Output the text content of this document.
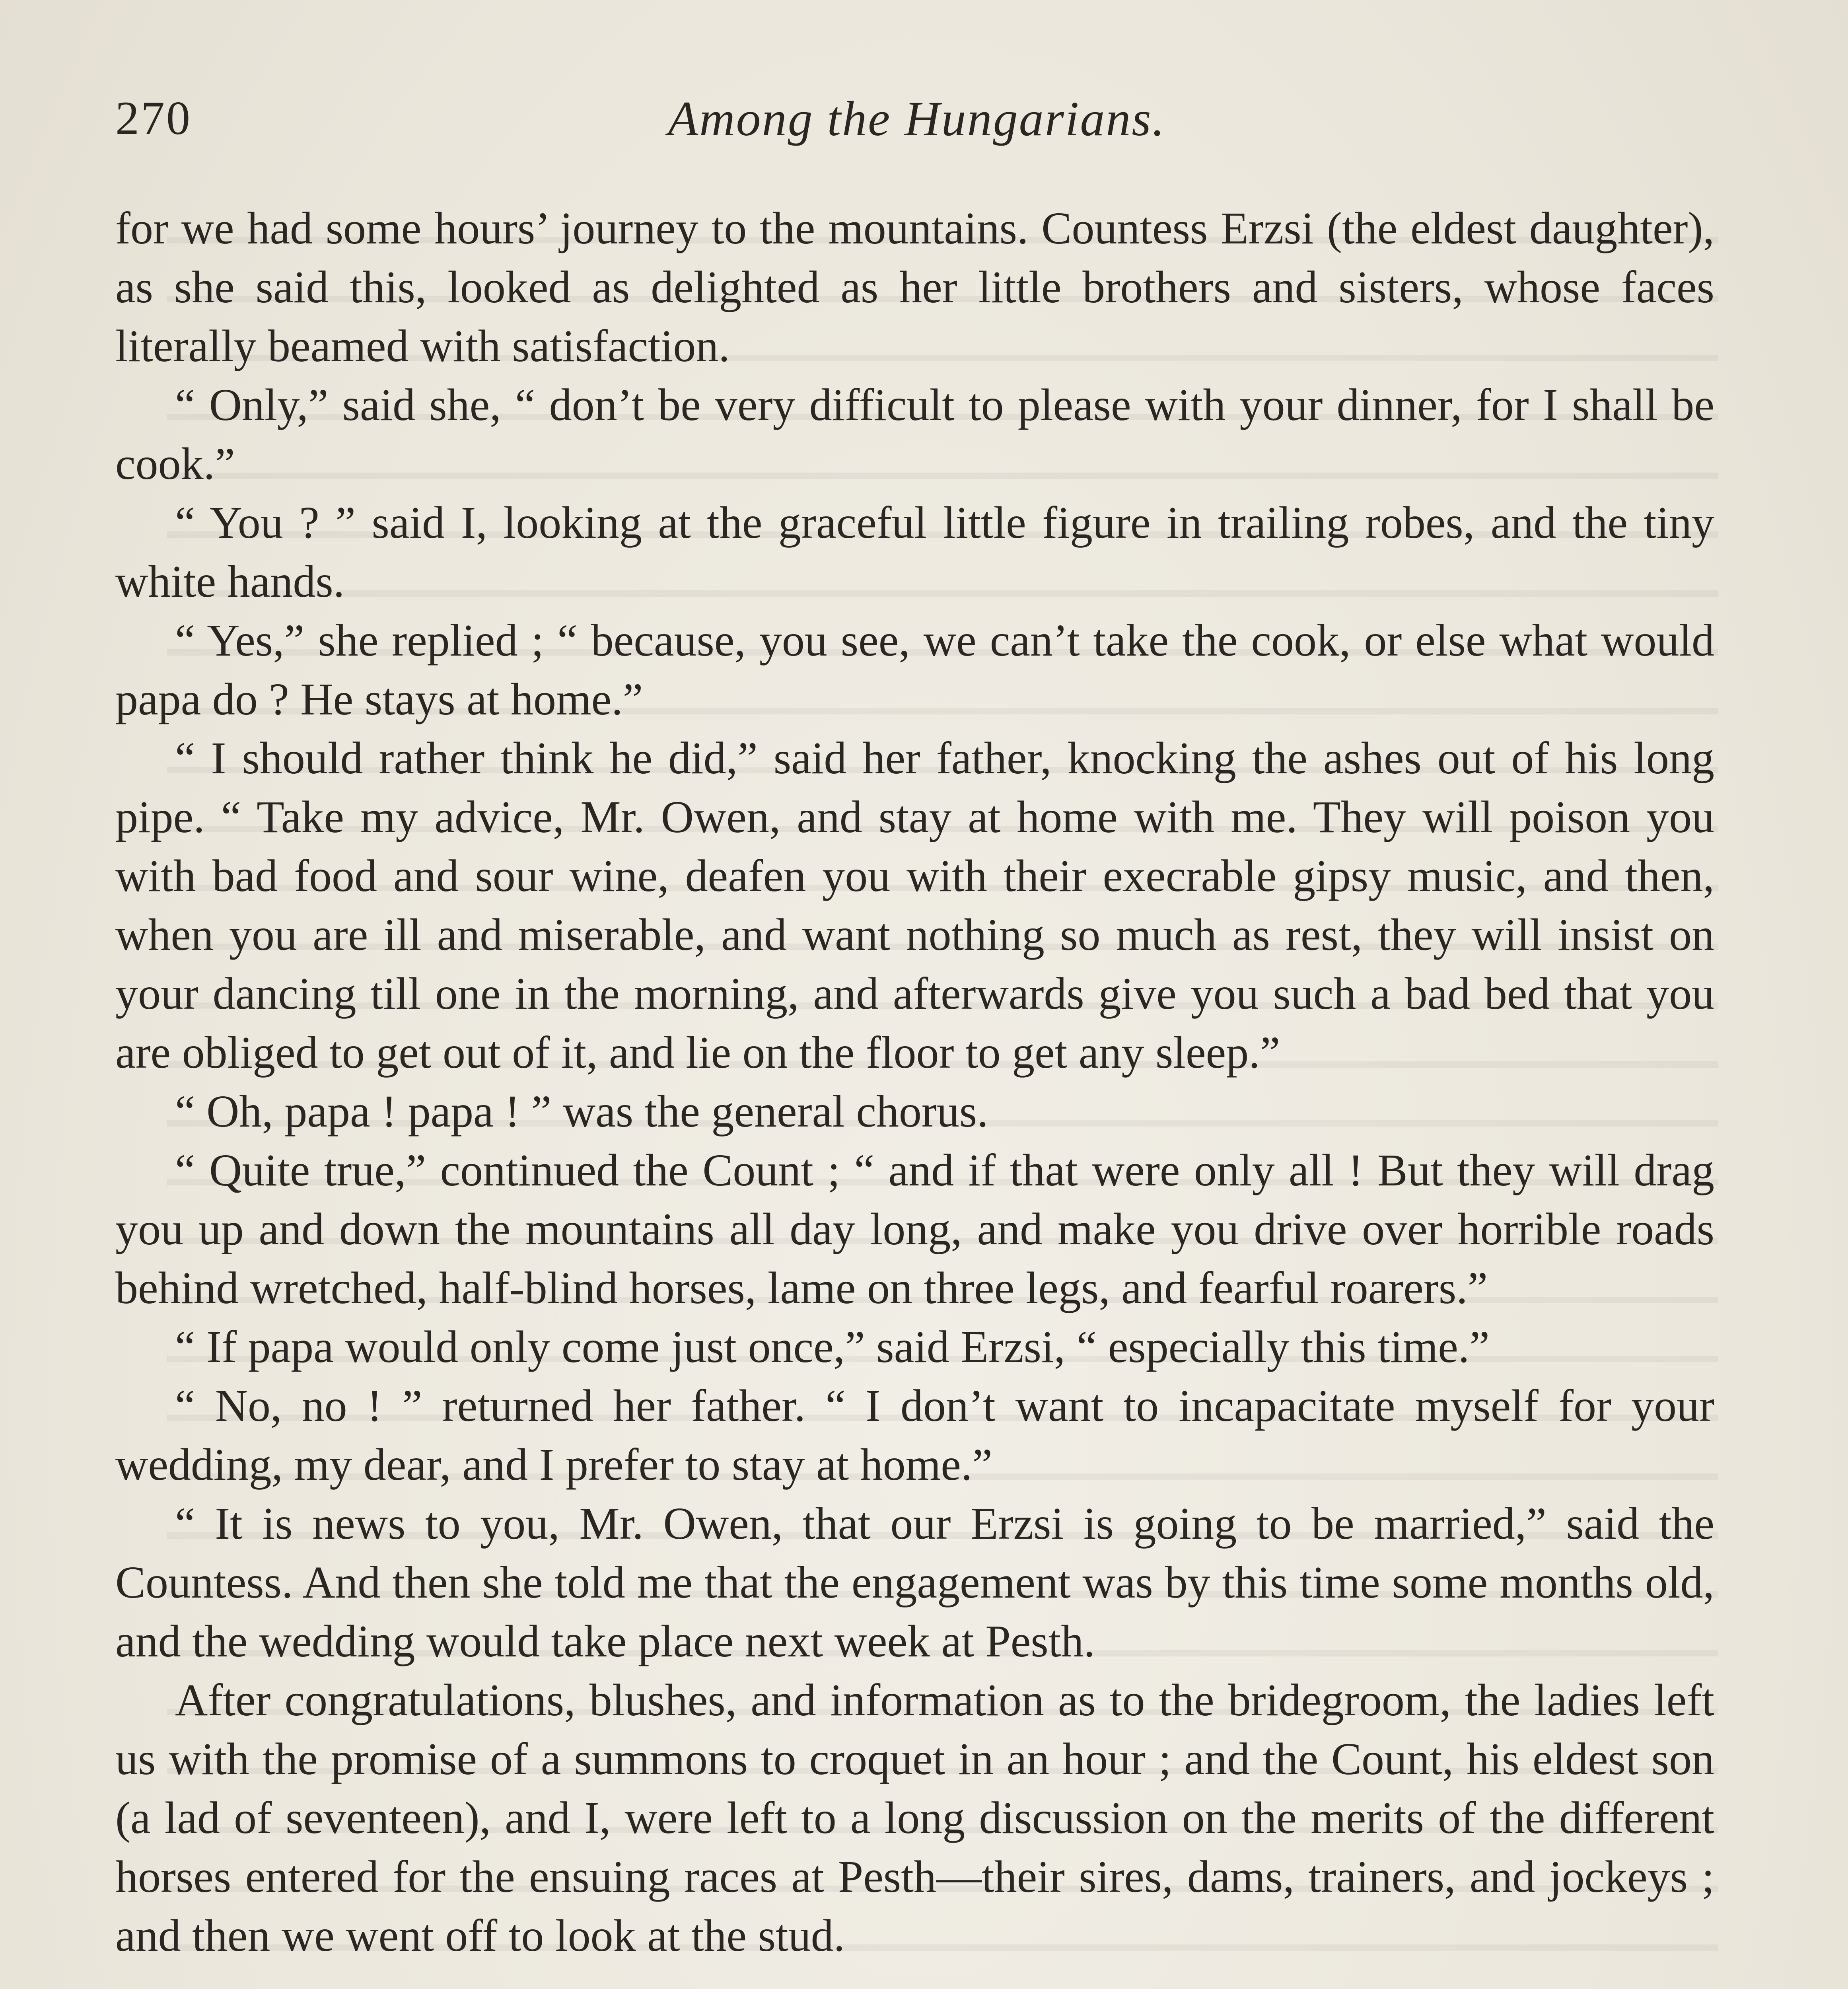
270	Among the Hungarians.

for we had some hours’ journey to the mountains. Countess Erzsi (the eldest daughter), as she said this, looked as delighted as her little brothers and sisters, whose faces literally beamed with satisfaction.

“ Only,” said she, “ don’t be very difficult to please with your dinner, for I shall be cook.”

“ You ? ” said I, looking at the graceful little figure in trailing robes, and the tiny white hands.

“ Yes,” she replied ; “ because, you see, we can’t take the cook, or else what would papa do ? He stays at home.”

“ I should rather think he did,” said her father, knocking the ashes out of his long pipe. “ Take my advice, Mr. Owen, and stay at home with me. They will poison you with bad food and sour wine, deafen you with their execrable gipsy music, and then, when you are ill and miserable, and want nothing so much as rest, they will insist on your dancing till one in the morning, and afterwards give you such a bad bed that you are obliged to get out of it, and lie on the floor to get any sleep.”

“ Oh, papa ! papa ! ” was the general chorus.

“ Quite true,” continued the Count ; “ and if that were only all ! But they will drag you up and down the mountains all day long, and make you drive over horrible roads behind wretched, half-blind horses, lame on three legs, and fearful roarers.”

“ If papa would only come just once,” said Erzsi, “ especially this time.”

“ No, no ! ” returned her father. “ I don’t want to incapacitate myself for your wedding, my dear, and I prefer to stay at home.”

“ It is news to you, Mr. Owen, that our Erzsi is going to be married,” said the Countess. And then she told me that the engagement was by this time some months old, and the wedding would take place next week at Pesth.

After congratulations, blushes, and information as to the bridegroom, the ladies left us with the promise of a summons to croquet in an hour ; and the Count, his eldest son (a lad of seventeen), and I, were left to a long discussion on the merits of the different horses entered for the ensuing races at Pesth—their sires, dams, trainers, and jockeys ; and then we went off to look at the stud.
